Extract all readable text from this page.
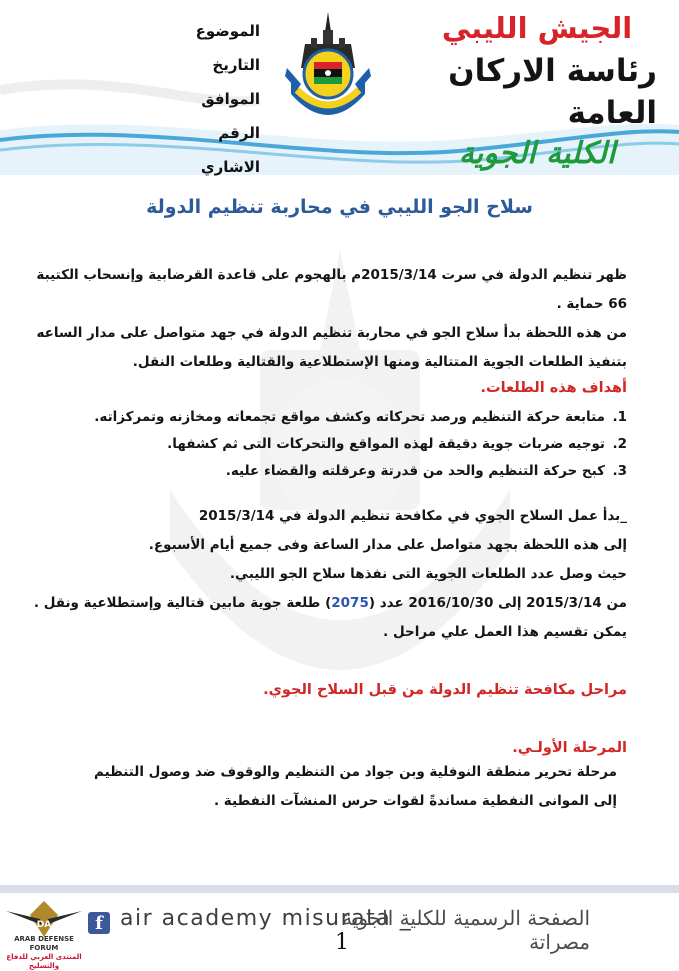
الجيش الليبي
رئاسة الاركان العامة
الكلية الجوية
الموضوع
التاريخ
الموافق
الرقم الاشاري
سلاح الجو الليبي في محاربة تنظيم الدولة
ظهر تنظيم الدولة في سرت 2015/3/14م بالهجوم على قاعدة القرضابية وإنسحاب الكتيبة 66 حماية .
من هذه اللحظة بدأ سلاح الجو في محاربة تنظيم الدولة في جهد متواصل على مدار الساعه
بتنفيذ الطلعات الجوية المتتالية ومنها الإستطلاعية والقتالية وطلعات النقل.
أهداف هذه الطلعات.
1.متابعة حركة التنظيم ورصد تحركاته وكشف مواقع تجمعاته ومخازنه وتمركزاته.
2.توجيه ضربات جوية دقيقة لهذه المواقع والتحركات التى ثم كشفها.
3.كبح حركة التنظيم والحد من قدرتة وعرقلته والقضاء عليه.
_بدأ عمل السلاح الجوي في مكافحة تنظيم الدولة في 2015/3/14
إلى هذه اللحظة بجهد متواصل على مدار الساعة وفى جميع أيام الأسبوع.
حيث وصل عدد الطلعات الجوية التى نفذها سلاح الجو الليبي.
من 2015/3/14 إلى 2016/10/30 عدد (2075) طلعة جوية مابين قتالية وإستطلاعية ونقل .
يمكن تقسيم هذا العمل علي مراحل .
مراحل مكافحة تنظيم الدولة من قبل السلاح الجوي.
المرحلة الأولـي.
مرحلة تحرير منطقة النوفلية وبن جواد من التنظيم والوقوف ضد وصول التنظيم
إلى الموانى النفطية مساندةً لقوات حرس المنشآت النفطية .
DA
ARAB DEFENSE FORUM
المنتدى العربي للدفاع والتسليح
f air academy misurata _
الصفحة الرسمية للكلية الجوية مصراتة
1
